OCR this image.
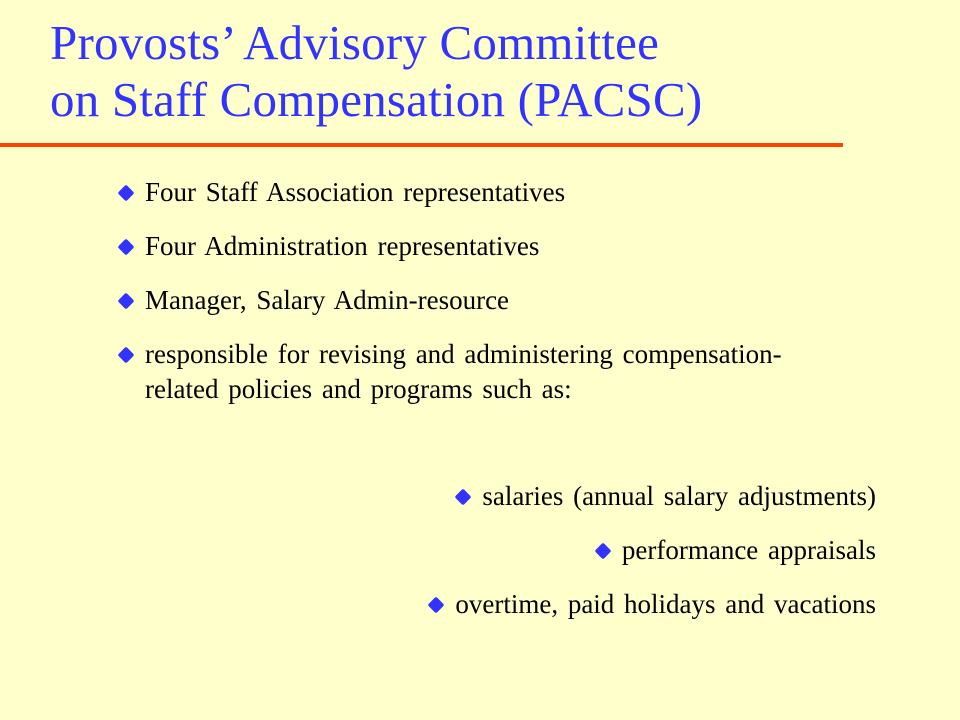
Provosts’ Advisory Committee
on Staff Compensation (PACSC)
Four Staff Association representatives
Four Administration representatives
Manager, Salary Admin-resource
responsible for revising and administering compensation-related policies and programs such as:
salaries (annual salary adjustments)
performance appraisals
overtime, paid holidays and vacations
